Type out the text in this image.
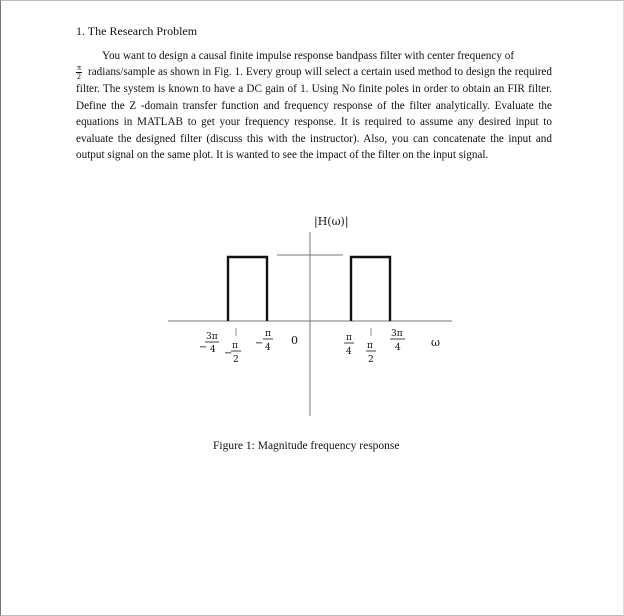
1. The Research Problem
You want to design a causal finite impulse response bandpass filter with center frequency of

$\frac{\pi}{2}$ radians/sample as shown in Fig. 1. Every group will select a certain used method to design the required filter. The system is known to have a DC gain of 1. Using No finite poles in order to obtain an FIR filter. Define the Z -domain transfer function and frequency response of the filter analytically. Evaluate the equations in MATLAB to get your frequency response. It is required to assume any desired input to evaluate the designed filter (discuss this with the instructor). Also, you can concatenate the input and output signal on the same plot. It is wanted to see the impact of the filter on the input signal.
|H(ω)|
ω
0
−
3π
4 −
π
2
−
π
4
π
4
π
2
3π
4
Figure 1: Magnitude frequency response
